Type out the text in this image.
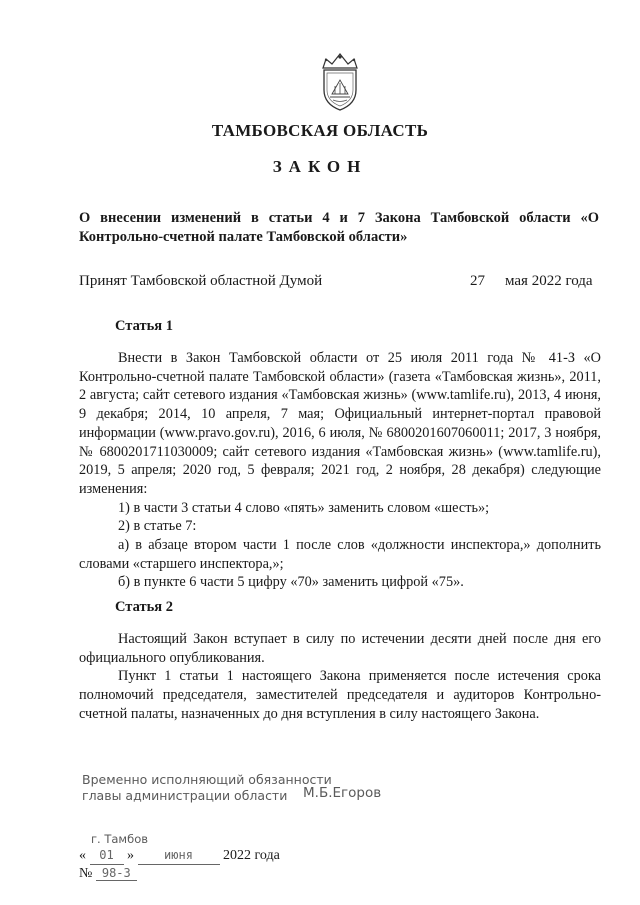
ТАМБОВСКАЯ ОБЛАСТЬ
ЗАКОН
О внесении изменений в статьи 4 и 7 Закона Тамбовской области «О Контрольно-счетной палате Тамбовской области»
Принят Тамбовской областной Думой	27 мая 2022 года
Статья 1

Внести в Закон Тамбовской области от 25 июля 2011 года № 41-З «О Контрольно-счетной палате Тамбовской области» (газета «Тамбовская жизнь», 2011, 2 августа; сайт сетевого издания «Тамбовская жизнь» (www.tamlife.ru), 2013, 4 июня, 9 декабря; 2014, 10 апреля, 7 мая; Официальный интернет-портал правовой информации (www.pravo.gov.ru), 2016, 6 июля, № 6800201607060011; 2017, 3 ноября, № 6800201711030009; сайт сетевого издания «Тамбовская жизнь» (www.tamlife.ru), 2019, 5 апреля; 2020 год, 5 февраля; 2021 год, 2 ноября, 28 декабря) следующие изменения:

1) в части 3 статьи 4 слово «пять» заменить словом «шесть»;

2) в статье 7:

а) в абзаце втором части 1 после слов «должности инспектора,» дополнить словами «старшего инспектора,»;

б) в пункте 6 части 5 цифру «70» заменить цифрой «75».

Статья 2

Настоящий Закон вступает в силу по истечении десяти дней после дня его официального опубликования.

Пункт 1 статьи 1 настоящего Закона применяется после истечения срока полномочий председателя, заместителей председателя и аудиторов Контрольно-счетной палаты, назначенных до дня вступления в силу настоящего Закона.

Временно исполняющий обязанности
главы администрации области М.Б.Егоров
г. Тамбов
« 01 »	июня 2022 года
№ 98-З
